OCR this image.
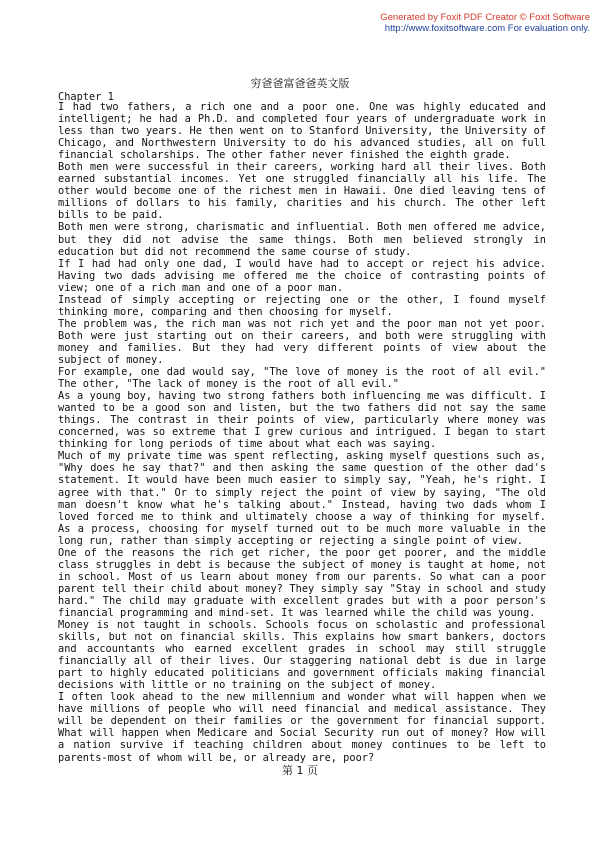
Generated by Foxit PDF Creator © Foxit Software
http://www.foxitsoftware.com For evaluation only.
穷爸爸富爸爸英文版
Chapter 1

I had two fathers, a rich one and a poor one. One was highly educated and intelligent; he had a Ph.D. and completed four years of undergraduate work in less than two years. He then went on to Stanford University, the University of Chicago, and Northwestern University to do his advanced studies, all on full financial scholarships. The other father never finished the eighth grade.

Both men were successful in their careers, working hard all their lives. Both earned substantial incomes. Yet one struggled financially all his life. The other would become one of the richest men in Hawaii. One died leaving tens of millions of dollars to his family, charities and his church. The other left bills to be paid.

Both men were strong, charismatic and influential. Both men offered me advice, but they did not advise the same things. Both men believed strongly in education but did not recommend the same course of study.

If I had had only one dad, I would have had to accept or reject his advice. Having two dads advising me offered me the choice of contrasting points of view; one of a rich man and one of a poor man.

Instead of simply accepting or rejecting one or the other, I found myself thinking more, comparing and then choosing for myself.

The problem was, the rich man was not rich yet and the poor man not yet poor. Both were just starting out on their careers, and both were struggling with money and families. But they had very different points of view about the subject of money.

For example, one dad would say, "The love of money is the root of all evil." The other, "The lack of money is the root of all evil."

As a young boy, having two strong fathers both influencing me was difficult. I wanted to be a good son and listen, but the two fathers did not say the same things. The contrast in their points of view, particularly where money was concerned, was so extreme that I grew curious and intrigued. I began to start thinking for long periods of time about what each was saying.

Much of my private time was spent reflecting, asking myself questions such as, "Why does he say that?" and then asking the same question of the other dad's statement. It would have been much easier to simply say, "Yeah, he's right. I agree with that." Or to simply reject the point of view by saying, "The old man doesn't know what he's talking about." Instead, having two dads whom I loved forced me to think and ultimately choose a way of thinking for myself. As a process, choosing for myself turned out to be much more valuable in the long run, rather than simply accepting or rejecting a single point of view.

One of the reasons the rich get richer, the poor get poorer, and the middle class struggles in debt is because the subject of money is taught at home, not in school. Most of us learn about money from our parents. So what can a poor parent tell their child about money? They simply say "Stay in school and study hard." The child may graduate with excellent grades but with a poor person's financial programming and mind-set. It was learned while the child was young.

Money is not taught in schools. Schools focus on scholastic and professional skills, but not on financial skills. This explains how smart bankers, doctors and accountants who earned excellent grades in school may still struggle financially all of their lives. Our staggering national debt is due in large part to highly educated politicians and government officials making financial decisions with little or no training on the subject of money.

I often look ahead to the new millennium and wonder what will happen when we have millions of people who will need financial and medical assistance. They will be dependent on their families or the government for financial support. What will happen when Medicare and Social Security run out of money? How will a nation survive if teaching children about money continues to be left to parents-most of whom will be, or already are, poor?

第 1 页
